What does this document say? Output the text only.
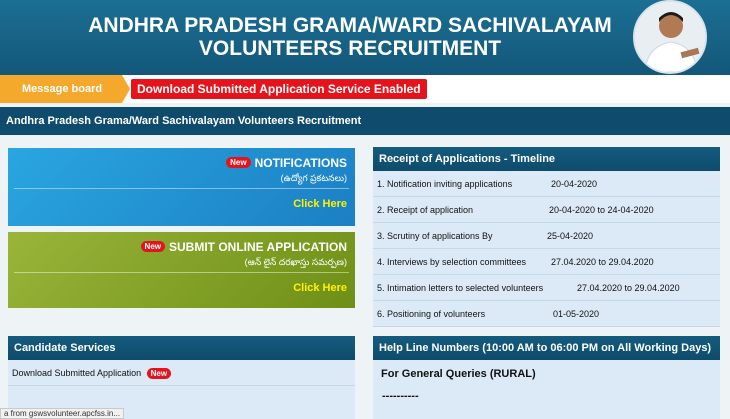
ANDHRA PRADESH GRAMA/WARD SACHIVALAYAM
VOLUNTEERS RECRUITMENT
Message board	Download Submitted Application Service Enabled
Andhra Pradesh Grama/Ward Sachivalayam Volunteers Recruitment
New NOTIFICATIONS
(ఉద్యోగ ప్రకటనలు)
Click Here
New SUBMIT ONLINE APPLICATION
(ఆన్ లైన్ దరఖాస్తు సమర్పణ)
Click Here
Receipt of Applications - Timeline
1. Notification inviting applications	20-04-2020
2. Receipt of application	20-04-2020 to 24-04-2020
3. Scrutiny of applications By	25-04-2020
4. Interviews by selection committees	27.04.2020 to 29.04.2020
5. Intimation letters to selected volunteers	27.04.2020 to 29.04.2020
6. Positioning of volunteers	01-05-2020
Candidate Services
Download Submitted Application New
Help Line Numbers (10:00 AM to 06:00 PM on All Working Days)
For General Queries (RURAL)
----------
a from gswsvolunteer.apcfss.in...
